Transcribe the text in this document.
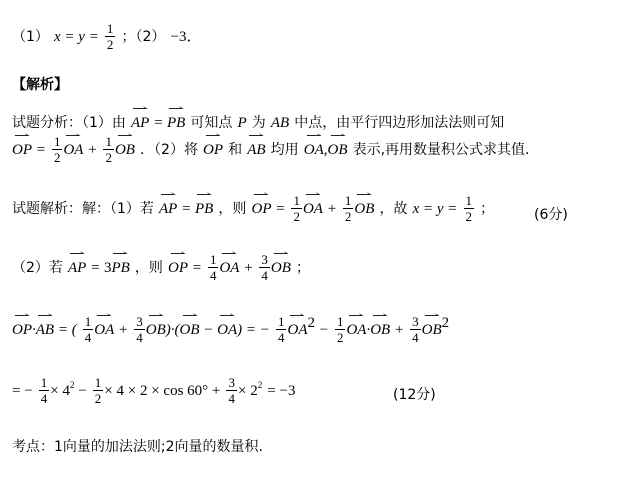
（1） $x = y = \frac{1}{2}$ ；（2） −3．
【解析】
试题分析：（1）由 ⇀ AP = ⇀ PB 可知点 P 为 AB 中点，由平行四边形加法法则可知
⇀ OP = $\frac{1}{2}$ ⇀ OA + $\frac{1}{2}$ ⇀ OB ．（2）将 ⇀ OP 和 ⇀ AB 均用 ⇀ OA,⇀ OB 表示,再用数量积公式求其值.
试题解析：解：（1）若 ⇀ AP = ⇀ PB ，则 ⇀ OP = $\frac{1}{2}$ ⇀ OA + $\frac{1}{2}$ ⇀ OB ，故 $x = y = \frac{1}{2}$ ；	(6分)
（2）若 ⇀ AP = 3⇀ PB ，则 ⇀ OP = $\frac{1}{4}$ ⇀ OA + $\frac{3}{4}$ ⇀ OB ；
⇀ OP·⇀ AB = ( $\frac{1}{4}$ ⇀ OA + $\frac{3}{4}$ ⇀ OB)·(⇀ OB − ⇀ OA) = − $\frac{1}{4}$ ⇀ $OA^2 - \frac{1}{2}$ ⇀ OA·⇀ OB + $\frac{3}{4}$ ⇀ $OB^2$
= − $\frac{1}{4} \times 4^2 - \frac{1}{2} \times 4 \times 2 \times \cos 60^\circ + \frac{3}{4} \times 2^2 = -3$	(12分)
考点：1向量的加法法则;2向量的数量积.
